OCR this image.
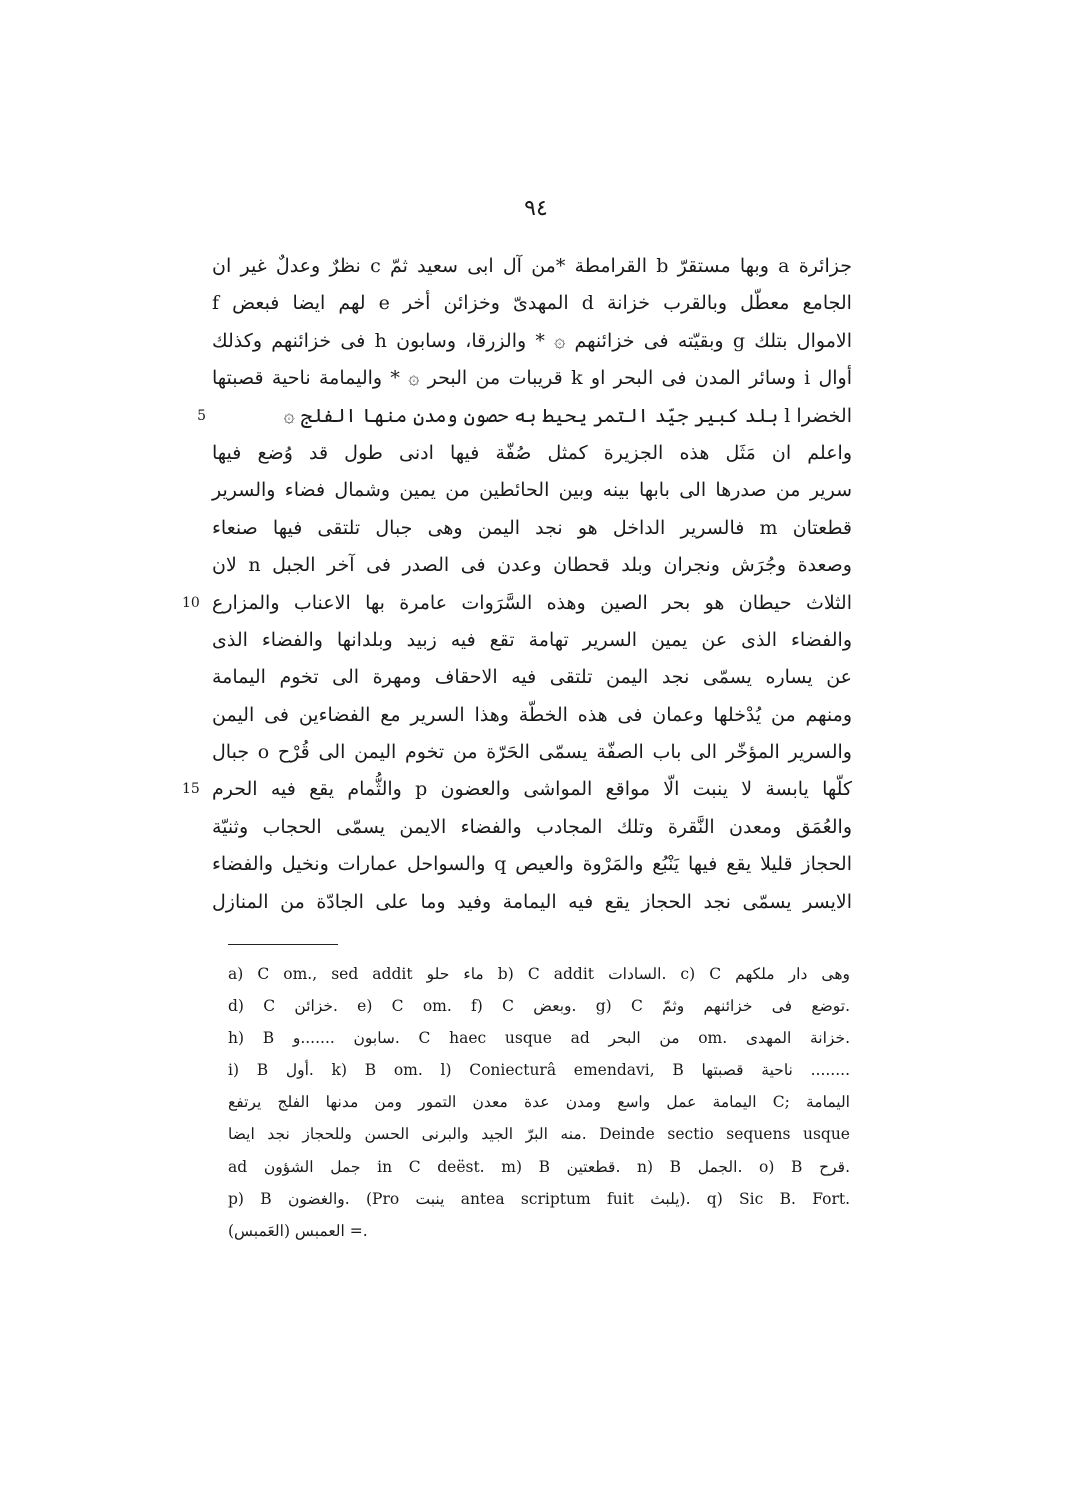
٩٤
جزائرة a وبها مستقرّ b القرامطة *من آل ابى سعيد ثمّ c نظرٌ وعدلٌ غير ان
الجامع معطّل وبالقرب خزانة d المهدىّ وخزائن أخر e لهم ايضا فبعض f
الاموال بتلك g وبقيّته فى خزائنهم ۞ * والزرقا، وسابون h فى خزائنهم وكذلك
أوال i وسائر المدن فى البحر او k قريبات من البحر ۞ * واليمامة ناحية قصبتها
5	الخضرا l بلد كبير جيّد التمر يحيط به حصون ومدن منها الفلج ۞
واعلم ان مَثَل هذه الجزيرة كمثل صُفّة فيها ادنى طول قد وُضع فيها
سرير من صدرها الى بابها بينه وبين الحائطين من يمين وشمال فضاء والسرير
قطعتان m فالسرير الداخل هو نجد اليمن وهى جبال تلتقى فيها صنعاء
وصعدة وجُرَش ونجران وبلد قحطان وعدن فى الصدر فى آخر الجبل n لان
10 الثلاث حيطان هو بحر الصين وهذه السَّرَوات عامرة بها الاعناب والمزارع
والفضاء الذى عن يمين السرير تهامة تقع فيه زبيد وبلدانها والفضاء الذى
عن يساره يسمّى نجد اليمن تلتقى فيه الاحقاف ومهرة الى تخوم اليمامة
ومنهم من يُدْخلها وعمان فى هذه الخطّة وهذا السرير مع الفضاءين فى اليمن
والسرير المؤخّر الى باب الصفّة يسمّى الحَرّة من تخوم اليمن الى قُرْح o جبال
15 كلّها يابسة لا ينبت الّا مواقع المواشى والعضون p والثُّمام يقع فيه الحرم
والعُمَق ومعدن النَّقرة وتلك المجادب والفضاء الايمن يسمّى الحجاب وثنيّة
الحجاز قليلا يقع فيها يَنْبُع والمَرْوة والعيص q والسواحل عمارات ونخيل والفضاء
الايسر يسمّى نجد الحجاز يقع فيه اليمامة وفيد وما على الجادّة من المنازل
a) C om., sed addit ماء حلو b) C addit السادات. c) C وهى دار ملكهم
d) C خزائن. e) C om. f) C وبعض. g) C توضع فى خزائنهم وثمّ.
h) B سابون .......و. C haec usque ad من البحر om. خزانة المهدى.
i) B أول. k) B om. l) Coniecturâ emendavi, B ناحية قصبتها ........
اليمامة عمل واسع ومدن عدة معدن التمور ومن مدنها الفلج يرتفع C; اليمامة
منه البرّ الجيد والبرنى الحسن وللحجاز نجد ايضا. Deinde sectio sequens usque
ad جمل الشؤون in C deëst. m) B قطعتين. n) B الجمل. o) B قرح.
p) B والغضون. (Pro ينبت antea scriptum fuit يلبث). q) Sic B. Fort.
العمبس (العَمبس) =.
